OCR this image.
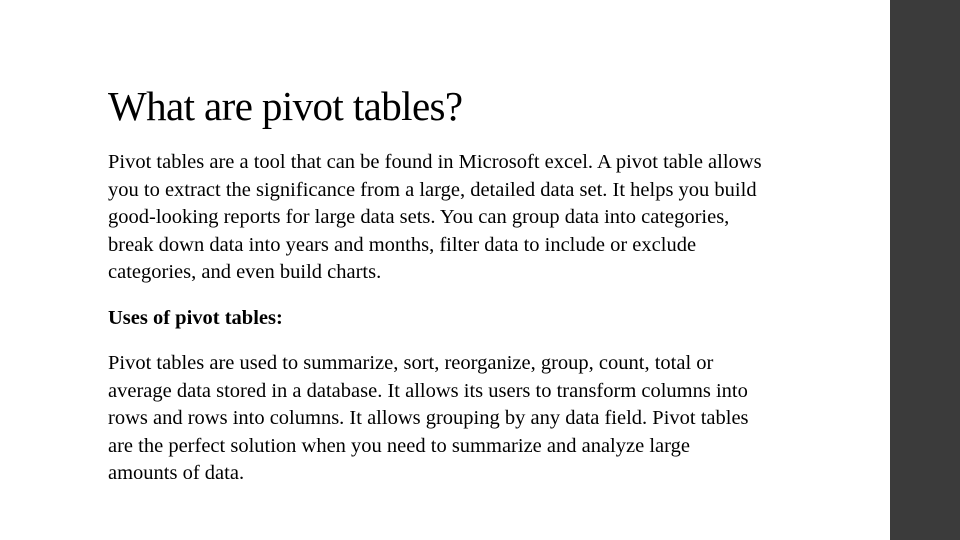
What are pivot tables?

Pivot tables are a tool that can be found in Microsoft excel. A pivot table allows you to extract the significance from a large, detailed data set. It helps you build good-looking reports for large data sets. You can group data into categories, break down data into years and months, filter data to include or exclude categories, and even build charts.

Uses of pivot tables:

Pivot tables are used to summarize, sort, reorganize, group, count, total or average data stored in a database. It allows its users to transform columns into rows and rows into columns. It allows grouping by any data field. Pivot tables are the perfect solution when you need to summarize and analyze large amounts of data.
